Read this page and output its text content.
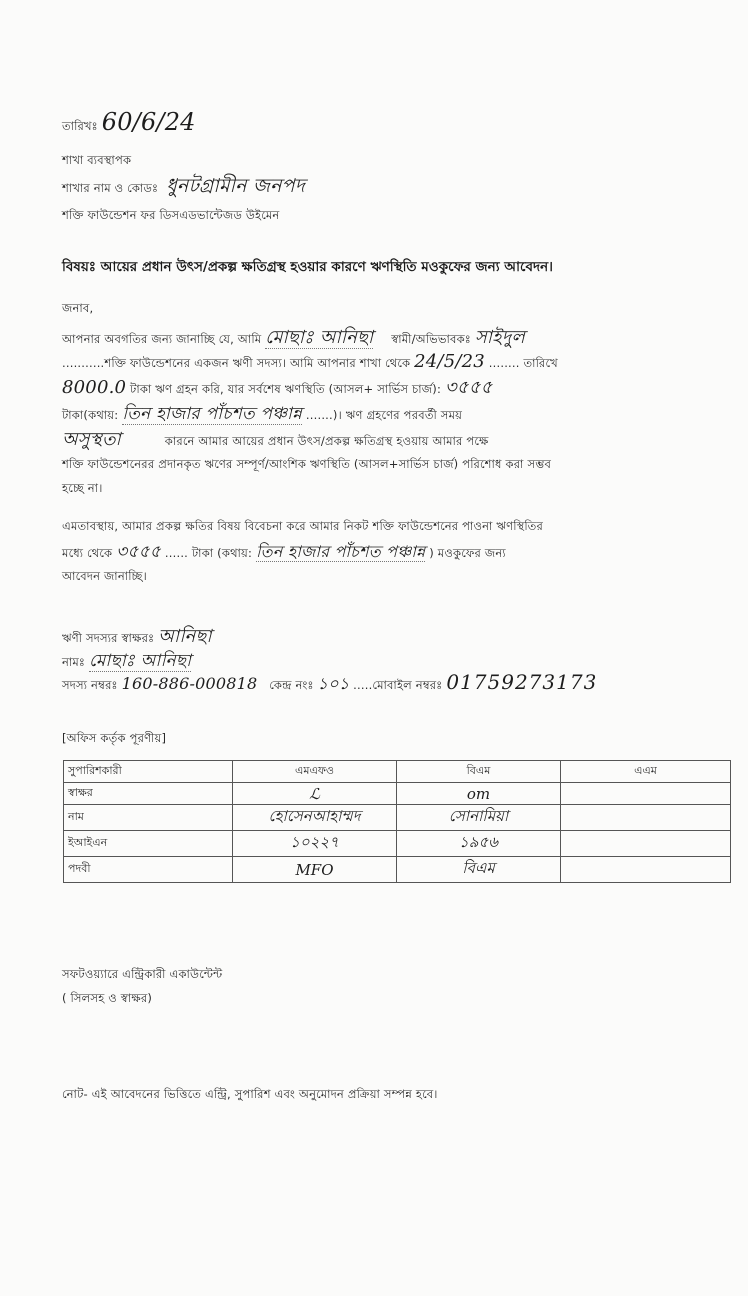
তারিখঃ 60/6/24
শাখা ব্যবস্থাপক
শাখার নাম ও কোডঃ ধুনটগ্রামীন জনপদ
শক্তি ফাউন্ডেশন ফর ডিসএডভান্টেজড উইমেন
বিষয়ঃ আয়ের প্রধান উৎস/প্রকল্প ক্ষতিগ্রস্থ হওয়ার কারণে ঋণস্থিতি মওকুফের জন্য আবেদন।
জনাব,
আপনার অবগতির জন্য জানাচ্ছি যে, আমি মোছাঃ আনিছা স্বামী/অভিভাবকঃ সাইদুল
...........শক্তি ফাউন্ডেশনের একজন ঋণী সদস্য। আমি আপনার শাখা থেকে 24/5/23 ........ তারিখে
8000.0 টাকা ঋণ গ্রহন করি, যার সর্বশেষ ঋণস্থিতি (আসল+ সার্ভিস চার্জ): ৩৫৫৫
টাকা(কথায়: তিন হাজার পাঁচশত পঞ্চান্ন .......)। ঋণ গ্রহণের পরবর্তী সময়
অসুস্থতা	কারনে আমার আয়ের প্রধান উৎস/প্রকল্প ক্ষতিগ্রস্থ হওয়ায় আমার পক্ষে
শক্তি ফাউন্ডেশনেরর প্রদানকৃত ঋণের সম্পূর্ণ/আংশিক ঋণস্থিতি (আসল+সার্ভিস চার্জ) পরিশোধ করা সম্ভব
হচ্ছে না।
এমতাবস্থায়, আমার প্রকল্প ক্ষতির বিষয় বিবেচনা করে আমার নিকট শক্তি ফাউন্ডেশনের পাওনা ঋণস্থিতির
মধ্যে থেকে ৩৫৫৫ ...... টাকা (কথায়: তিন হাজার পাঁচশত পঞ্চান্ন ) মওকুফের জন্য
আবেদন জানাচ্ছি।
ঋণী সদস্যর স্বাক্ষরঃ আনিছা
নামঃ মোছাঃ আনিছা
সদস্য নম্বরঃ 160-886-000818 কেন্দ্র নংঃ ১০১ .....মোবাইল নম্বরঃ 01759273173
[অফিস কর্তৃক পূরণীয়]
সুপারিশকারী	এমএফও	বিএম	এএম
স্বাক্ষর	ℒ	om	
নাম	হোসেনআহাম্মদ	সোনামিয়া	
ইআইএন	১০২২৭	১৯৫৬	
পদবী	MFO	বিএম	
সফটওয়্যারে এন্ট্রিকারী একাউন্টেন্ট
( সিলসহ ও স্বাক্ষর)
নোট- এই আবেদনের ভিত্তিতে এন্ট্রি, সুপারিশ এবং অনুমোদন প্রক্রিয়া সম্পন্ন হবে।
